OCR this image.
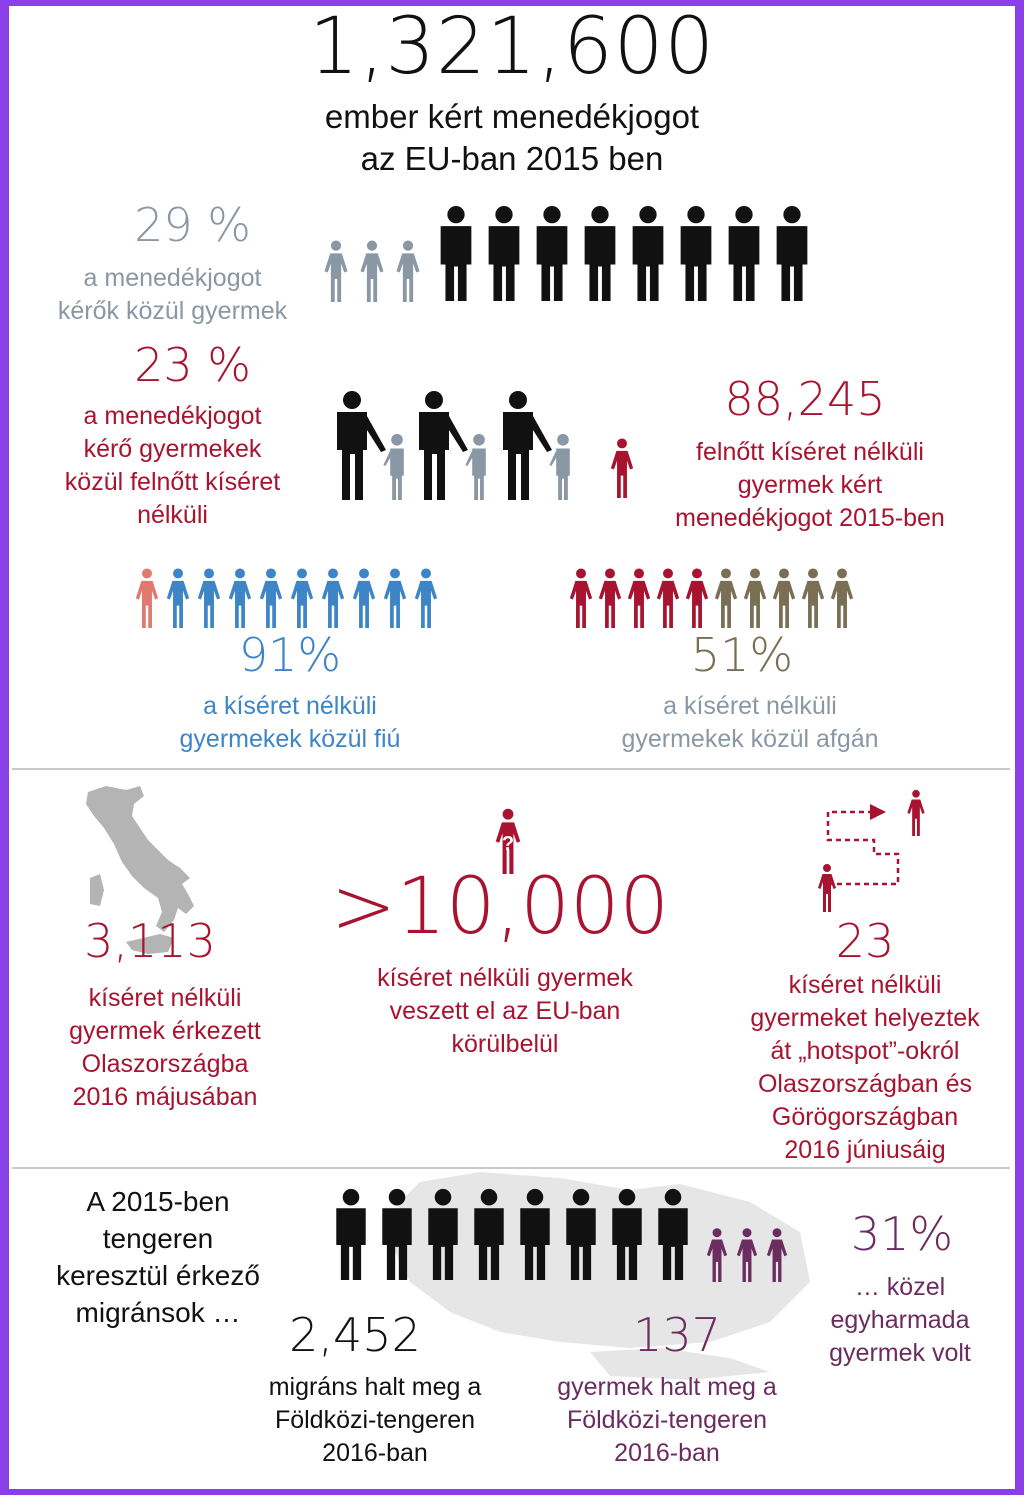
1,321,600
ember kért menedékjogot
az EU-ban 2015 ben
29 %
a menedékjogot
kérők közül gyermek
23 %
a menedékjogot
kérő gyermekek
közül felnőtt kíséret
nélküli
88,245
felnőtt kíséret nélküli
gyermek kért
menedékjogot 2015-ben
91%
a kíséret nélküli
gyermekek közül fiú
51%
a kíséret nélküli
gyermekek közül afgán
3,113
kíséret nélküli
gyermek érkezett
Olaszországba
2016 májusában
?
>10,000
kíséret nélküli gyermek
veszett el az EU-ban
körülbelül
23
kíséret nélküli
gyermeket helyeztek
át „hotspot”-okról
Olaszországban és
Görögországban
2016 júniusáig
A 2015-ben
tengeren
keresztül érkező
migránsok …
31%
… közel
egyharmada
gyermek volt
2,452
migráns halt meg a
Földközi-tengeren
2016-ban
137
gyermek halt meg a
Földközi-tengeren
2016-ban
